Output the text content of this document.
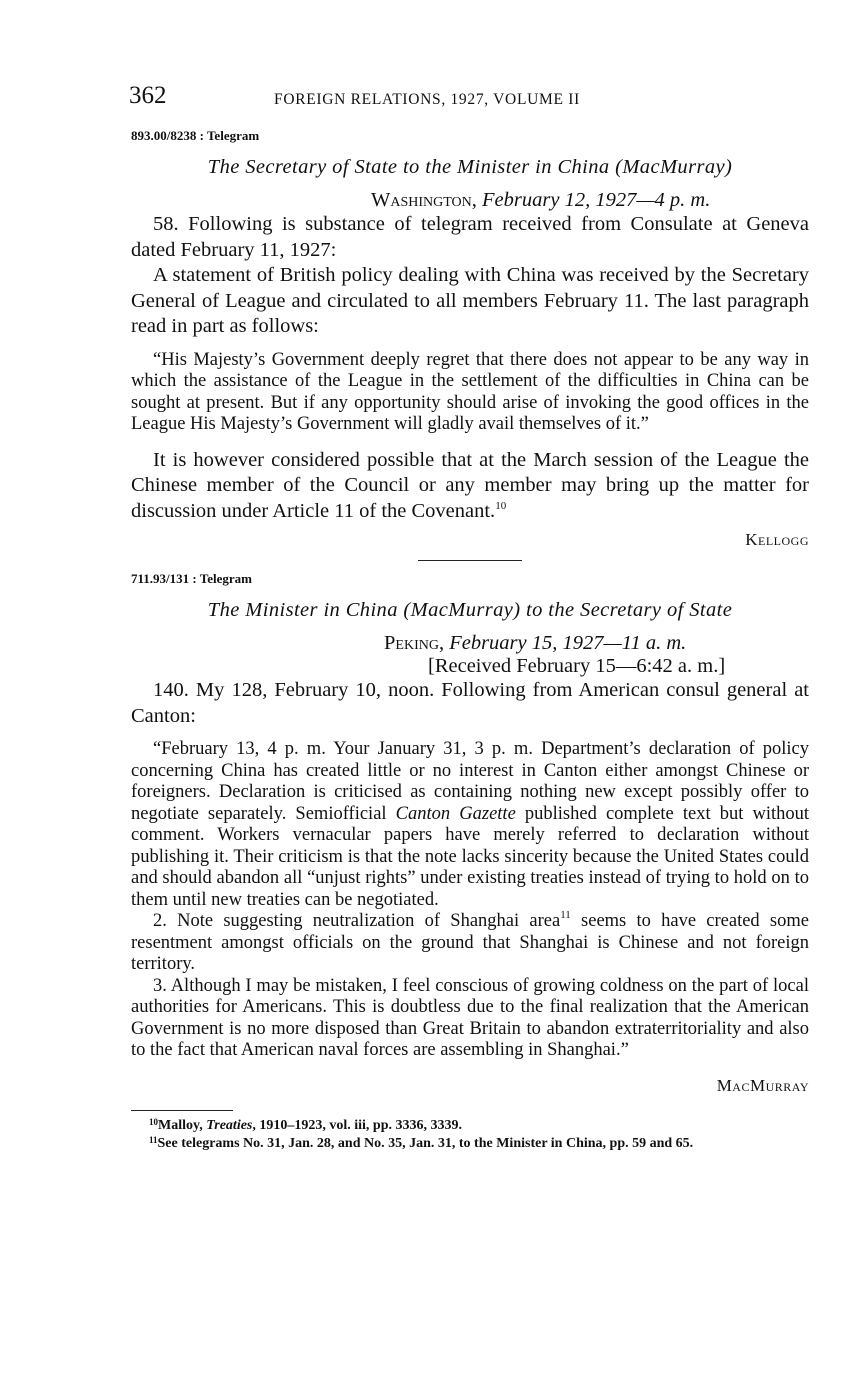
362	FOREIGN RELATIONS, 1927, VOLUME II
893.00/8238 : Telegram
The Secretary of State to the Minister in China (MacMurray)
Washington, February 12, 1927—4 p. m.

58. Following is substance of telegram received from Consulate at Geneva dated February 11, 1927:

A statement of British policy dealing with China was received by the Secretary General of League and circulated to all members February 11. The last paragraph read in part as follows:

“His Majesty’s Government deeply regret that there does not appear to be any way in which the assistance of the League in the settlement of the difficulties in China can be sought at present. But if any opportunity should arise of invoking the good offices in the League His Majesty’s Government will gladly avail themselves of it.”

It is however considered possible that at the March session of the League the Chinese member of the Council or any member may bring up the matter for discussion under Article 11 of the Covenant.$^{10}$

Kellogg
711.93/131 : Telegram
The Minister in China (MacMurray) to the Secretary of State
Peking, February 15, 1927—11 a. m.
[Received February 15—6:42 a. m.]

140. My 128, February 10, noon. Following from American consul general at Canton:

“February 13, 4 p. m. Your January 31, 3 p. m. Department’s declaration of policy concerning China has created little or no interest in Canton either amongst Chinese or foreigners. Declaration is criticised as containing nothing new except possibly offer to negotiate separately. Semiofficial Canton Gazette published complete text but without comment. Workers vernacular papers have merely referred to declaration without publishing it. Their criticism is that the note lacks sincerity because the United States could and should abandon all “unjust rights” under existing treaties instead of trying to hold on to them until new treaties can be negotiated.

2. Note suggesting neutralization of Shanghai area$^{11}$ seems to have created some resentment amongst officials on the ground that Shanghai is Chinese and not foreign territory.

3. Although I may be mistaken, I feel conscious of growing coldness on the part of local authorities for Americans. This is doubtless due to the final realization that the American Government is no more disposed than Great Britain to abandon extraterritoriality and also to the fact that American naval forces are assembling in Shanghai.”

MacMurray

$^{10}$Malloy, Treaties, 1910–1923, vol. iii, pp. 3336, 3339.

$^{11}$See telegrams No. 31, Jan. 28, and No. 35, Jan. 31, to the Minister in China, pp. 59 and 65.
